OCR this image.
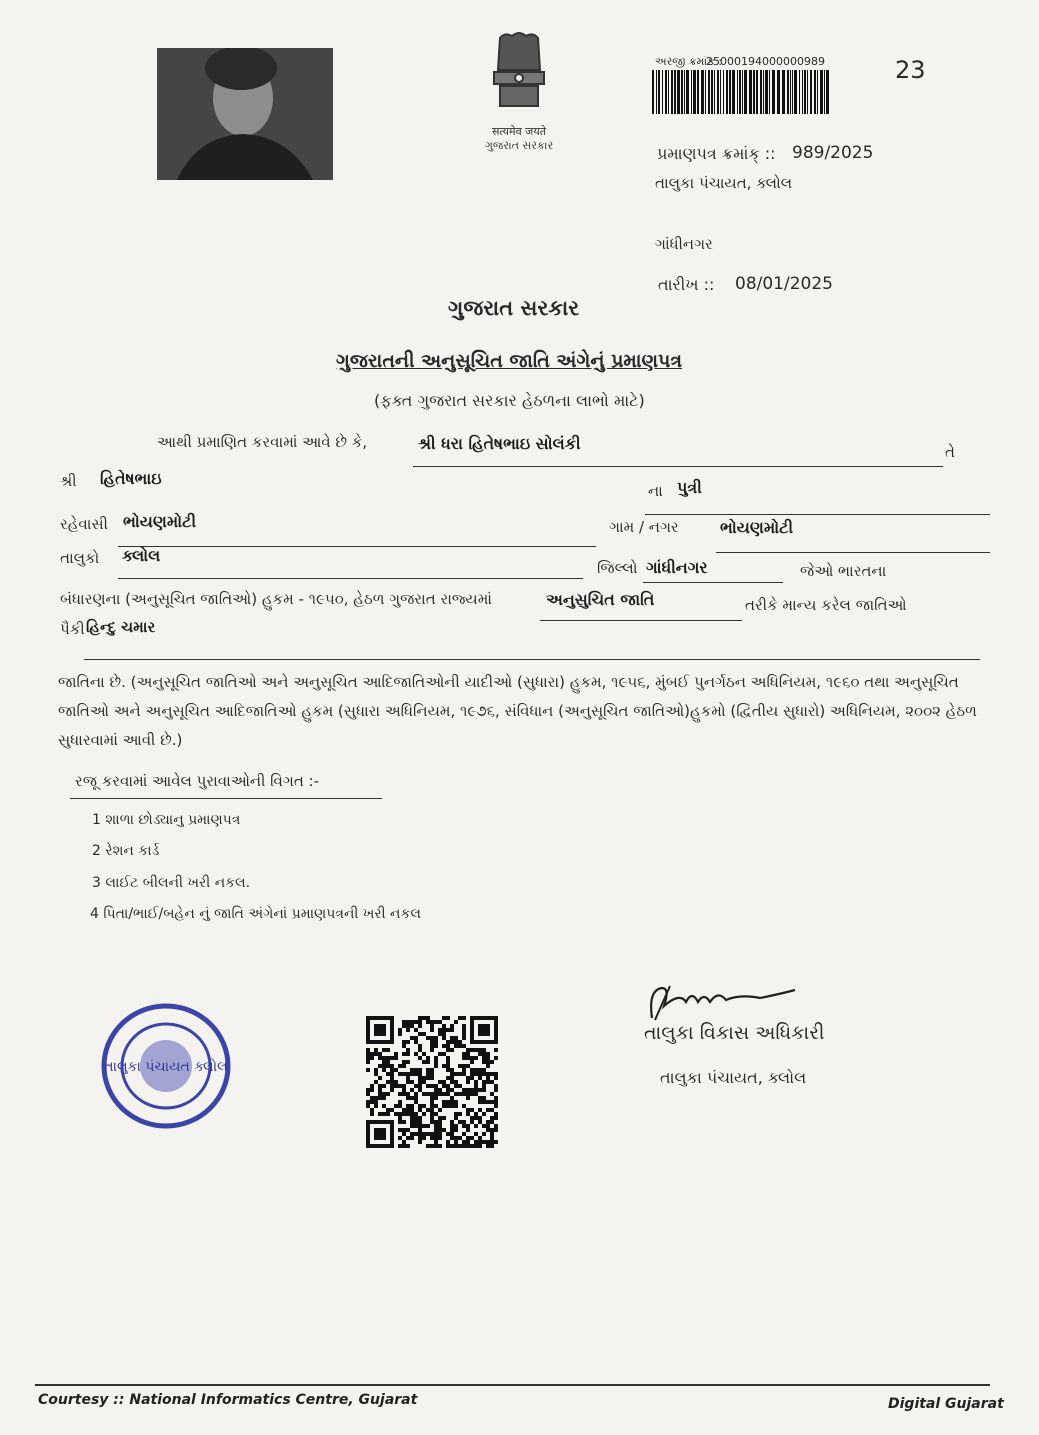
सत्यमेव जयते
ગુજરાત સરકાર
અરજી ક્રમાંક :
25000194000000989	23
પ્રમાણપત્ર ક્રમાંક્ :: 989/2025
તાલુકા પંચાયત, ક્લોલ
ગાંધીનગર
તારીખ :: 08/01/2025
ગુજરાત સરકાર
ગુજરાતની અનુસૂચિત જાતિ અંગેનું પ્રમાણપત્ર
(ફક્ત ગુજરાત સરકાર હેઠળના લાભો માટે)
આથી પ્રમાણિત કરવામાં આવે છે કે,	શ્રી ધરા હિતેષભાઇ સોલંકી	તે
શ્રી હિતેષભાઇ
ના પુત્રી
રહેવાસી ભોયણમોટી	ગામ / નગર	ભોયણમોટી
તાલુકો ક્લોલ
જિલ્લો ગાંધીનગર	જેઓ ભારતના
બંધારણના (અનુસૂચિત જાતિઓ) હુકમ - ૧૯૫૦, હેઠળ ગુજરાત રાજ્યમાં	અનુસુચિત જાતિ	તરીકે માન્ય કરેલ જાતિઓ
પૈકી હિન્દુ ચમાર
જાતિના છે. (અનુસૂચિત જાતિઓ અને અનુસૂચિત આદિજાતિઓની યાદીઓ (સુધારા) હુકમ, ૧૯૫૬, મુંબઈ પુનર્ગઠન અધિનિયમ, ૧૯૬૦ તથા અનુસૂચિત જાતિઓ અને અનુસૂચિત આદિજાતિઓ હુકમ (સુધારા અધિનિયમ, ૧૯૭૬, સંવિધાન (અનુસૂચિત જાતિઓ)હુકમો (દ્વિતીય સુધારો) અધિનિયમ, ૨૦૦૨ હેઠળ સુધારવામાં આવી છે.)
રજૂ કરવામાં આવેલ પુરાવાઓની વિગત :-
1 શાળા છોડ્યાનુ પ્રમાણપત્ર
2 રેશન કાર્ડ
3 લાઈટ બીલની ખરી નકલ.
4 પિતા/ભાઈ/બહેન નું જાતિ અંગેનાં પ્રમાણપત્રની ખરી નકલ
તાલુકા પંચાયત ક્લોલ
તાલુકા વિકાસ અધિકારી
તાલુકા પંચાયત, ક્લોલ
Courtesy :: National Informatics Centre, Gujarat	Digital Gujarat
